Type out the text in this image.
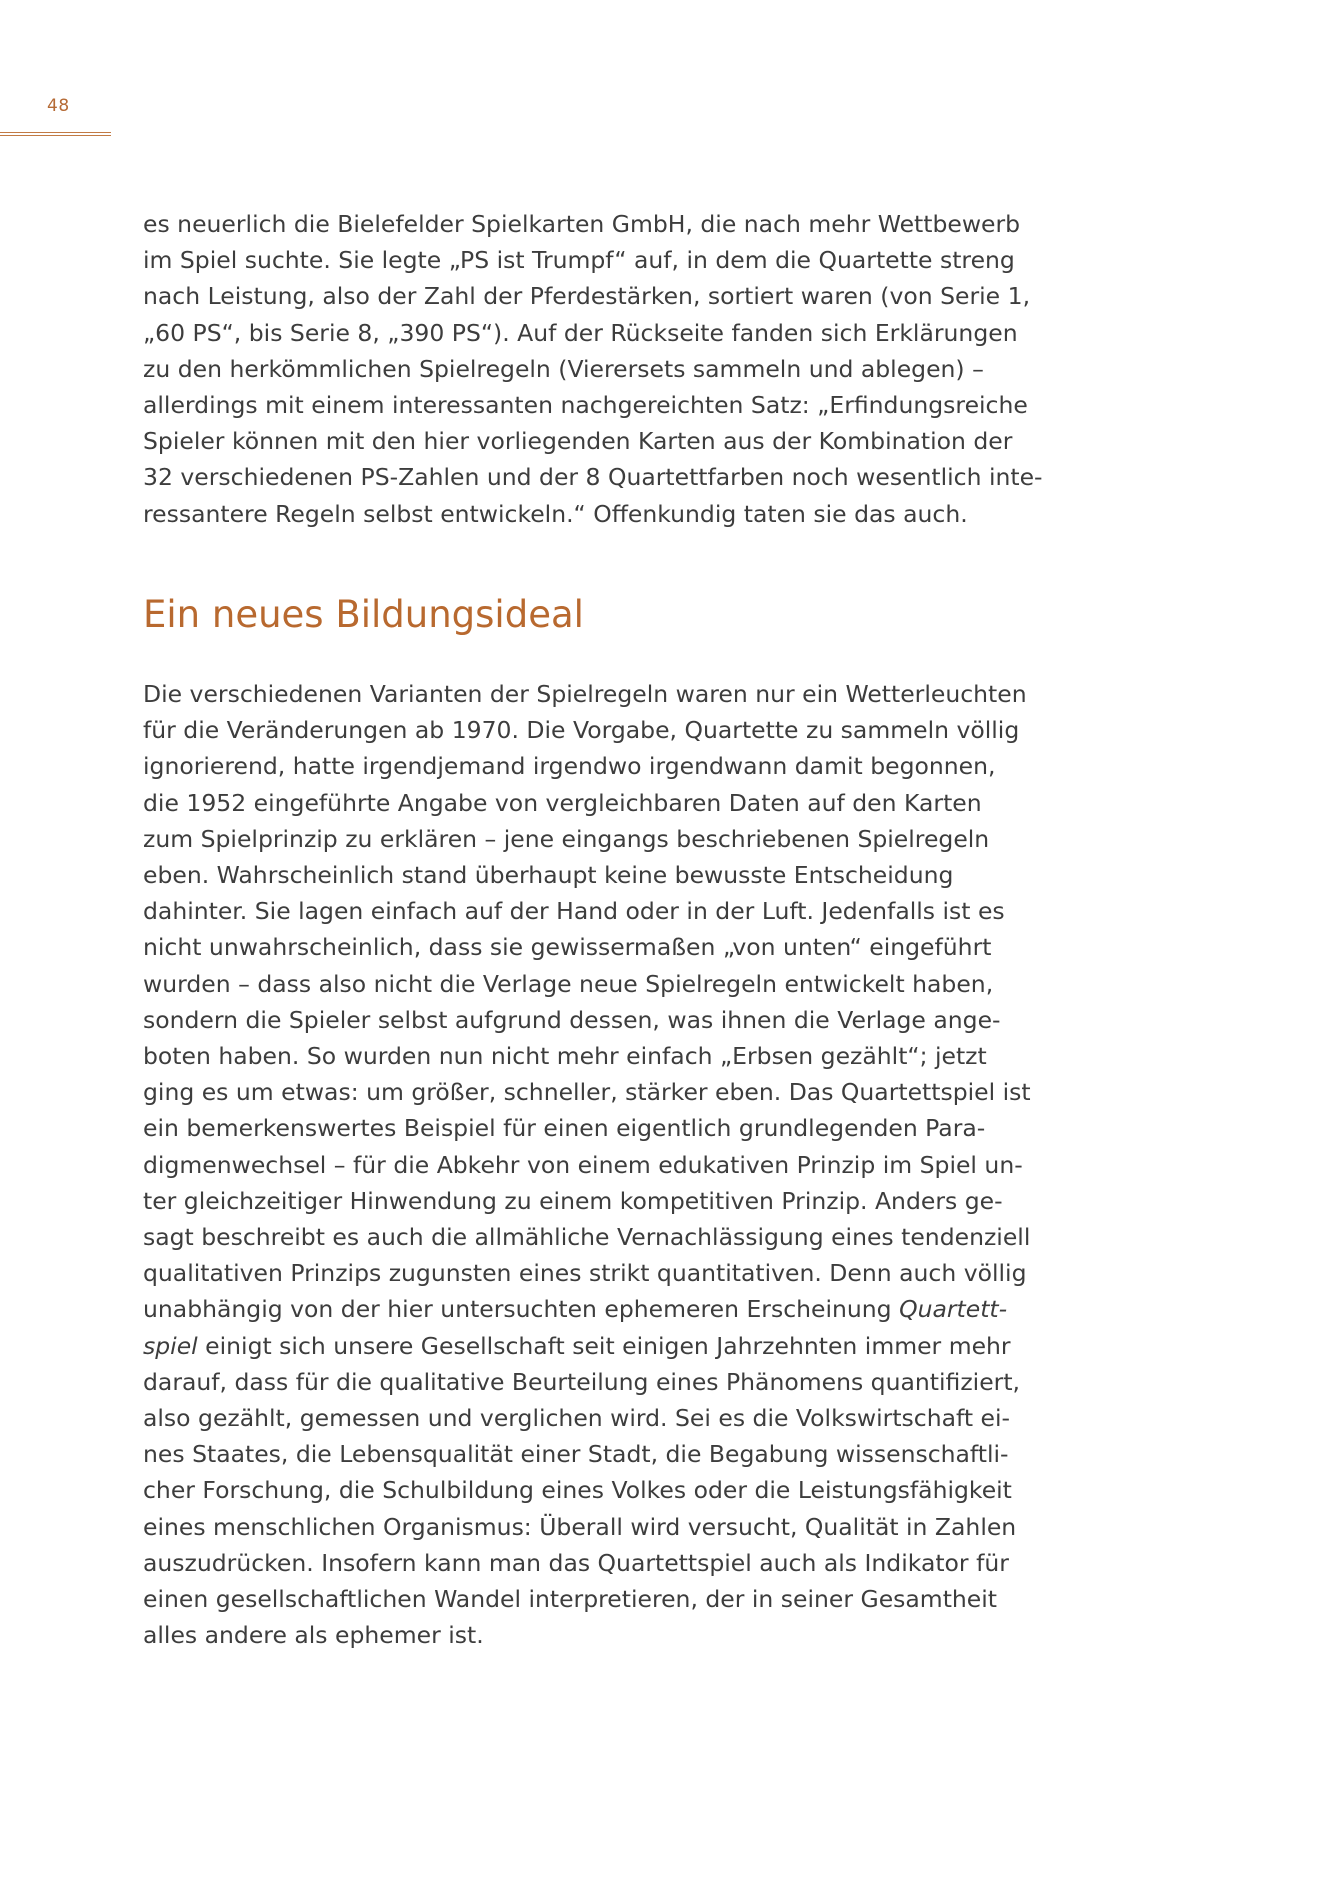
48

es neuerlich die Bielefelder Spielkarten GmbH, die nach mehr Wettbewerb
im Spiel suchte. Sie legte „PS ist Trumpf“ auf, in dem die Quartette streng
nach Leistung, also der Zahl der Pferdestärken, sortiert waren (von Serie 1,
„60 PS“, bis Serie 8, „390 PS“). Auf der Rückseite fanden sich Erklärungen
zu den herkömmlichen Spielregeln (Vierersets sammeln und ablegen) –
allerdings mit einem interessanten nachgereichten Satz: „Erfindungsreiche
Spieler können mit den hier vorliegenden Karten aus der Kombination der
32 verschiedenen PS-Zahlen und der 8 Quartettfarben noch wesentlich inte-
ressantere Regeln selbst entwickeln.“ Offenkundig taten sie das auch.

Ein neues Bildungsideal

Die verschiedenen Varianten der Spielregeln waren nur ein Wetterleuchten
für die Veränderungen ab 1970. Die Vorgabe, Quartette zu sammeln völlig
ignorierend, hatte irgendjemand irgendwo irgendwann damit begonnen,
die 1952 eingeführte Angabe von vergleichbaren Daten auf den Karten
zum Spielprinzip zu erklären – jene eingangs beschriebenen Spielregeln
eben. Wahrscheinlich stand überhaupt keine bewusste Entscheidung
dahinter. Sie lagen einfach auf der Hand oder in der Luft. Jedenfalls ist es
nicht unwahrscheinlich, dass sie gewissermaßen „von unten“ eingeführt
wurden – dass also nicht die Verlage neue Spielregeln entwickelt haben,
sondern die Spieler selbst aufgrund dessen, was ihnen die Verlage ange-
boten haben. So wurden nun nicht mehr einfach „Erbsen gezählt“; jetzt
ging es um etwas: um größer, schneller, stärker eben. Das Quartettspiel ist
ein bemerkenswertes Beispiel für einen eigentlich grundlegenden Para-
digmenwechsel – für die Abkehr von einem edukativen Prinzip im Spiel un-
ter gleichzeitiger Hinwendung zu einem kompetitiven Prinzip. Anders ge-
sagt beschreibt es auch die allmähliche Vernachlässigung eines tendenziell
qualitativen Prinzips zugunsten eines strikt quantitativen. Denn auch völlig
unabhängig von der hier untersuchten ephemeren Erscheinung Quartett-
spiel einigt sich unsere Gesellschaft seit einigen Jahrzehnten immer mehr
darauf, dass für die qualitative Beurteilung eines Phänomens quantifiziert,
also gezählt, gemessen und verglichen wird. Sei es die Volkswirtschaft ei-
nes Staates, die Lebensqualität einer Stadt, die Begabung wissenschaftli-
cher Forschung, die Schulbildung eines Volkes oder die Leistungsfähigkeit
eines menschlichen Organismus: Überall wird versucht, Qualität in Zahlen
auszudrücken. Insofern kann man das Quartettspiel auch als Indikator für
einen gesellschaftlichen Wandel interpretieren, der in seiner Gesamtheit
alles andere als ephemer ist.
